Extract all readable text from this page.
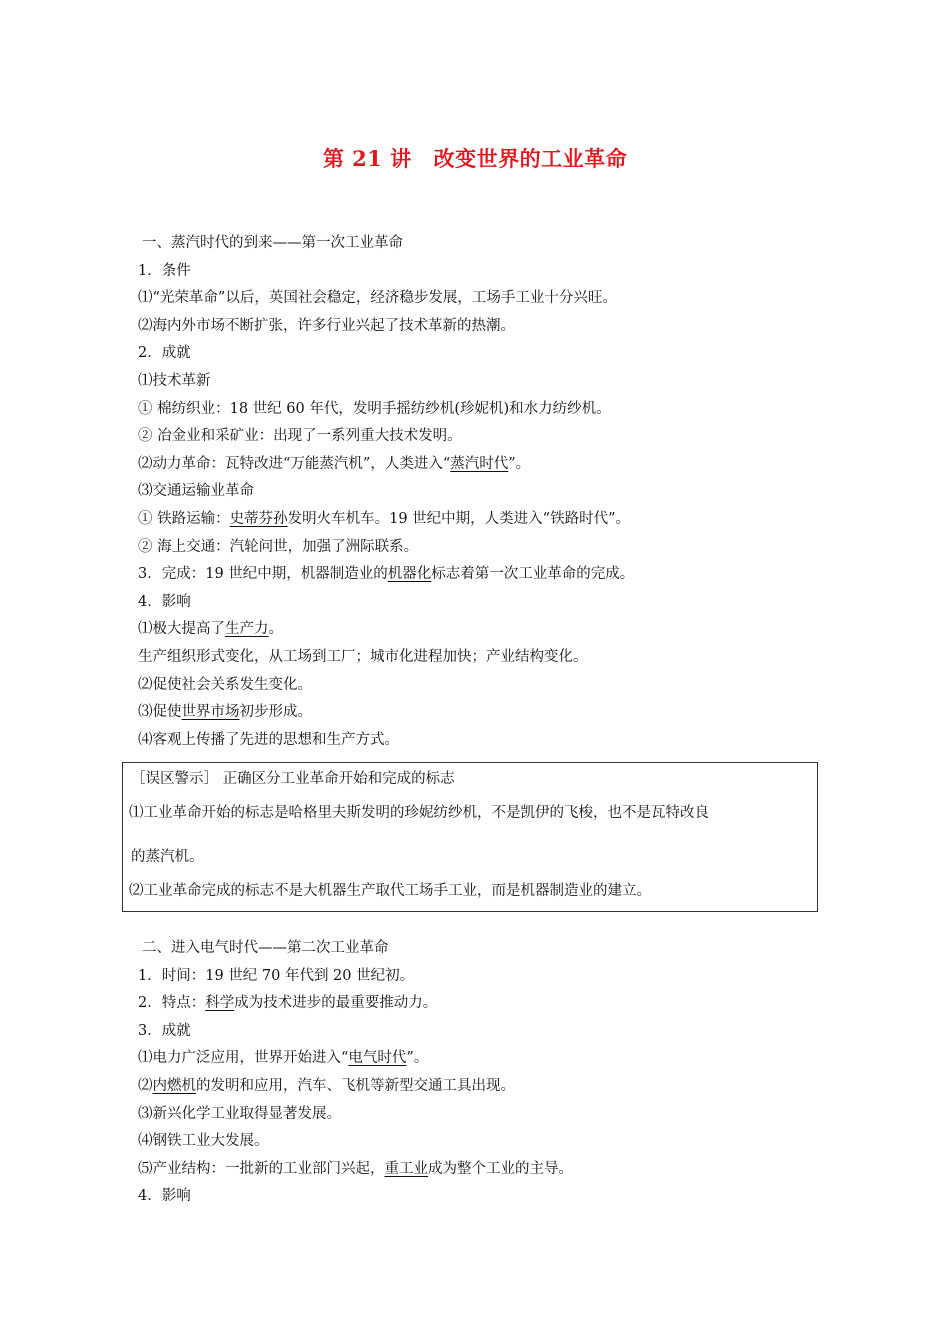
第 21 讲 改变世界的工业革命
一、蒸汽时代的到来——第一次工业革命
1．条件
⑴“光荣革命”以后，英国社会稳定，经济稳步发展，工场手工业十分兴旺。
⑵海内外市场不断扩张，许多行业兴起了技术革新的热潮。
2．成就
⑴技术革新
① 棉纺织业：18 世纪 60 年代，发明手摇纺纱机(珍妮机)和水力纺纱机。
② 冶金业和采矿业：出现了一系列重大技术发明。
⑵动力革命：瓦特改进“万能蒸汽机”，人类进入“蒸汽时代”。
⑶交通运输业革命
① 铁路运输：史蒂芬孙发明火车机车。19 世纪中期，人类进入“铁路时代”。
② 海上交通：汽轮问世，加强了洲际联系。
3．完成：19 世纪中期，机器制造业的机器化标志着第一次工业革命的完成。
4．影响
⑴极大提高了生产力。
生产组织形式变化，从工场到工厂；城市化进程加快；产业结构变化。
⑵促使社会关系发生变化。
⑶促使世界市场初步形成。
⑷客观上传播了先进的思想和生产方式。
［误区警示］ 正确区分工业革命开始和完成的标志
⑴工业革命开始的标志是哈格里夫斯发明的珍妮纺纱机，不是凯伊的飞梭，也不是瓦特改良
的蒸汽机。
⑵工业革命完成的标志不是大机器生产取代工场手工业，而是机器制造业的建立。
二、进入电气时代——第二次工业革命
1．时间：19 世纪 70 年代到 20 世纪初。
2．特点：科学成为技术进步的最重要推动力。
3．成就
⑴电力广泛应用，世界开始进入“电气时代”。
⑵内燃机的发明和应用，汽车、飞机等新型交通工具出现。
⑶新兴化学工业取得显著发展。
⑷钢铁工业大发展。
⑸产业结构：一批新的工业部门兴起，重工业成为整个工业的主导。
4．影响
